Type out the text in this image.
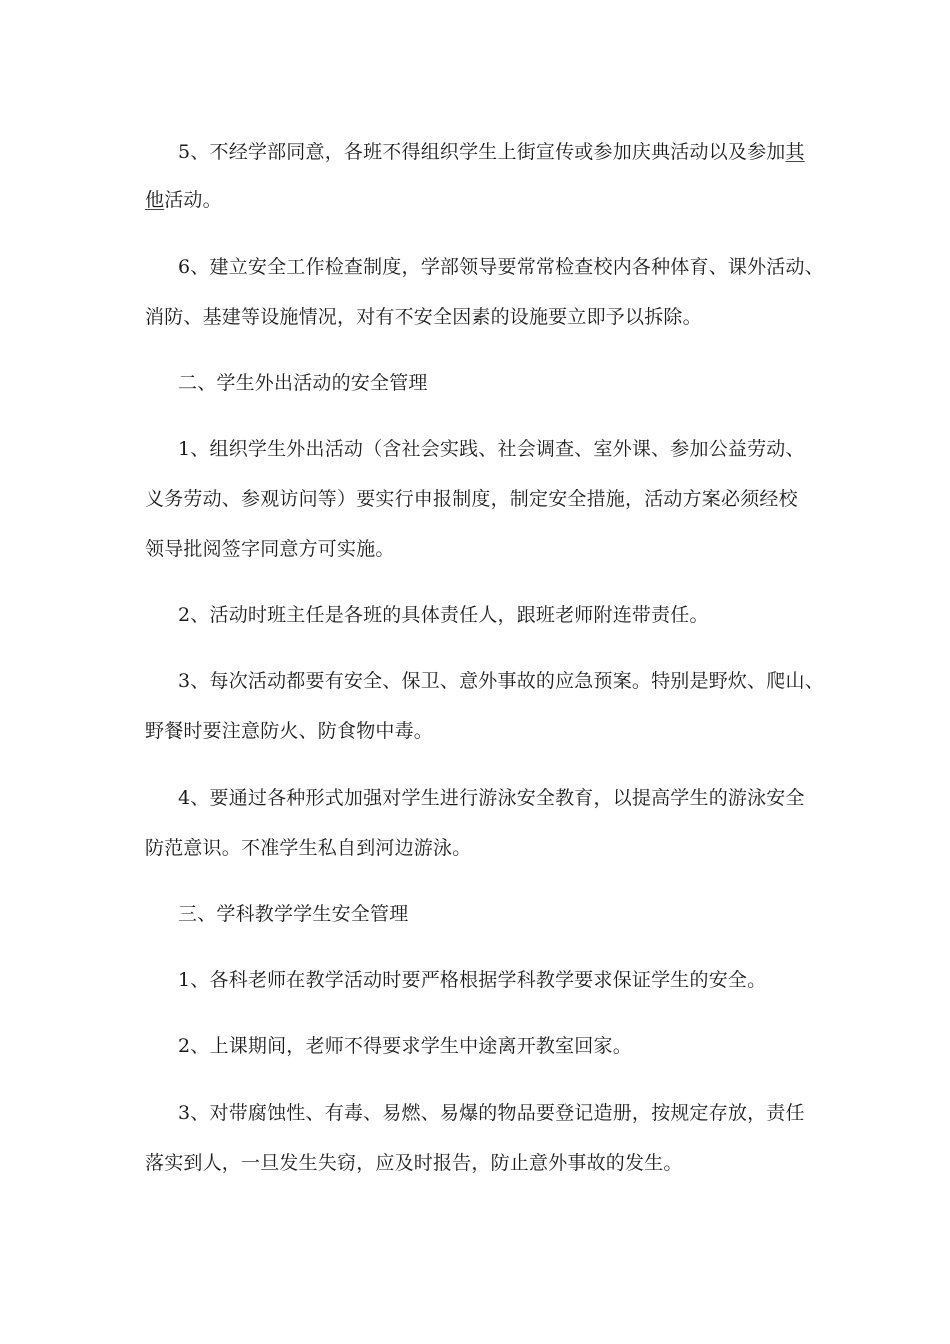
5、不经学部同意，各班不得组织学生上街宣传或参加庆典活动以及参加其
他活动。
6、建立安全工作检查制度，学部领导要常常检查校内各种体育、课外活动、
消防、基建等设施情况，对有不安全因素的设施要立即予以拆除。
二、学生外出活动的安全管理
1、组织学生外出活动（含社会实践、社会调查、室外课、参加公益劳动、
义务劳动、参观访问等）要实行申报制度，制定安全措施，活动方案必须经校
领导批阅签字同意方可实施。
2、活动时班主任是各班的具体责任人，跟班老师附连带责任。
3、每次活动都要有安全、保卫、意外事故的应急预案。特别是野炊、爬山、
野餐时要注意防火、防食物中毒。
4、要通过各种形式加强对学生进行游泳安全教育，以提高学生的游泳安全
防范意识。不准学生私自到河边游泳。
三、学科教学学生安全管理
1、各科老师在教学活动时要严格根据学科教学要求保证学生的安全。
2、上课期间，老师不得要求学生中途离开教室回家。
3、对带腐蚀性、有毒、易燃、易爆的物品要登记造册，按规定存放，责任
落实到人，一旦发生失窃，应及时报告，防止意外事故的发生。
